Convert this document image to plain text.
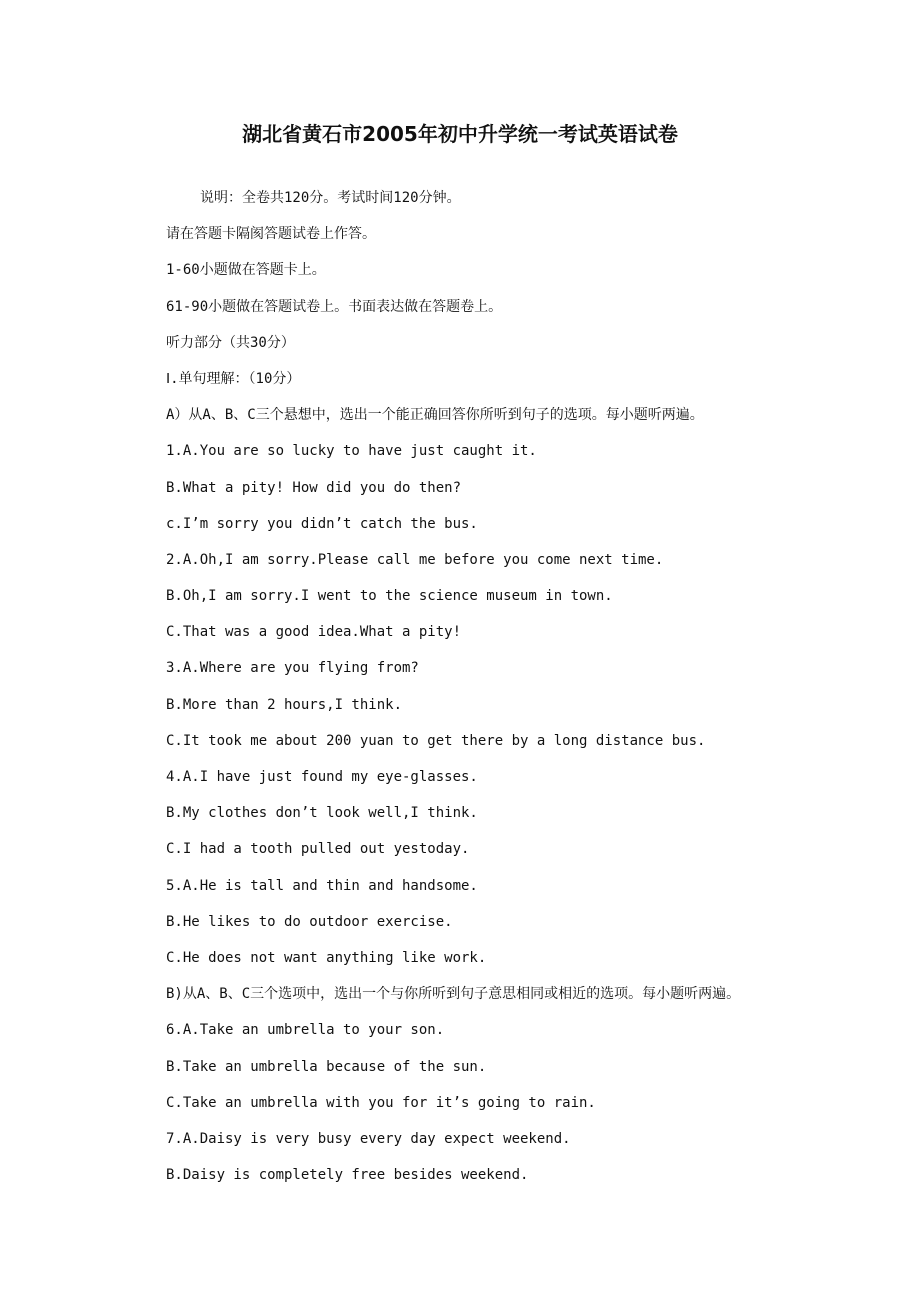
湖北省黄石市2005年初中升学统一考试英语试卷
说明：全卷共120分。考试时间120分钟。
请在答题卡隔阂答题试卷上作答。
1-60小题做在答题卡上。
61-90小题做在答题试卷上。书面表达做在答题卷上。
听力部分（共30分）
Ⅰ.单句理解：（10分）
A）从A、B、C三个悬想中，选出一个能正确回答你所听到句子的选项。每小题听两遍。
1.A.You are so lucky to have just caught it.
B.What a pity! How did you do then?
c.I’m sorry you didn’t catch the bus.
2.A.Oh,I am sorry.Please call me before you come next time.
B.Oh,I am sorry.I went to the science museum in town.
C.That was a good idea.What a pity!
3.A.Where are you flying from?
B.More than 2 hours,I think.
C.It took me about 200 yuan to get there by a long distance bus.
4.A.I have just found my eye-glasses.
B.My clothes don’t look well,I think.
C.I had a tooth pulled out yestoday.
5.A.He is tall and thin and handsome.
B.He likes to do outdoor exercise.
C.He does not want anything like work.
B)从A、B、C三个选项中，选出一个与你所听到句子意思相同或相近的选项。每小题听两遍。
6.A.Take an umbrella to your son.
B.Take an umbrella because of the sun.
C.Take an umbrella with you for it’s going to rain.
7.A.Daisy is very busy every day expect weekend.
B.Daisy is completely free besides weekend.
